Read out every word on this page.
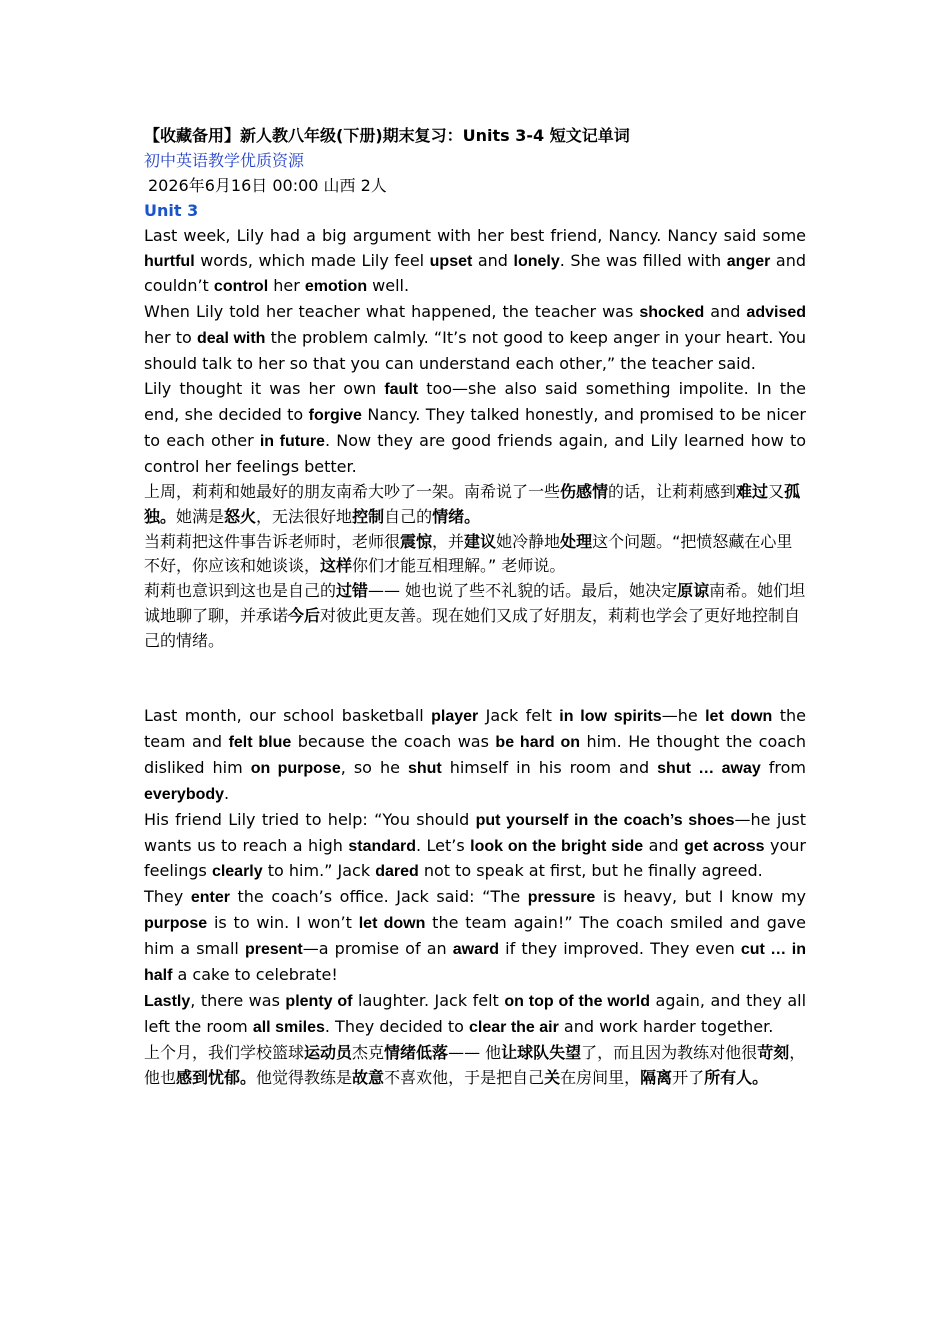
【收藏备用】新人教八年级(下册)期末复习：Units 3-4 短文记单词

初中英语教学优质资源

2026年6月16日 00:00 山西 2人

Unit 3

Last week, Lily had a big argument with her best friend, Nancy. Nancy said some hurtful words, which made Lily feel upset and lonely. She was filled with anger and couldn’t control her emotion well.

When Lily told her teacher what happened, the teacher was shocked and advised her to deal with the problem calmly. “It’s not good to keep anger in your heart. You should talk to her so that you can understand each other,” the teacher said.

Lily thought it was her own fault too—she also said something impolite. In the end, she decided to forgive Nancy. They talked honestly, and promised to be nicer to each other in future. Now they are good friends again, and Lily learned how to control her feelings better.

上周，莉莉和她最好的朋友南希大吵了一架。南希说了一些伤感情的话，让莉莉感到难过又孤独。她满是怒火，无法很好地控制自己的情绪。

当莉莉把这件事告诉老师时，老师很震惊，并建议她冷静地处理这个问题。“把愤怒藏在心里不好，你应该和她谈谈，这样你们才能互相理解。” 老师说。

莉莉也意识到这也是自己的过错—— 她也说了些不礼貌的话。最后，她决定原谅南希。她们坦诚地聊了聊，并承诺今后对彼此更友善。现在她们又成了好朋友，莉莉也学会了更好地控制自己的情绪。

Last month, our school basketball player Jack felt in low spirits—he let down the team and felt blue because the coach was be hard on him. He thought the coach disliked him on purpose, so he shut himself in his room and shut … away from everybody.

His friend Lily tried to help: “You should put yourself in the coach’s shoes—he just wants us to reach a high standard. Let’s look on the bright side and get across your feelings clearly to him.” Jack dared not to speak at first, but he finally agreed.

They enter the coach’s office. Jack said: “The pressure is heavy, but I know my purpose is to win. I won’t let down the team again!” The coach smiled and gave him a small present—a promise of an award if they improved. They even cut … in half a cake to celebrate!

Lastly, there was plenty of laughter. Jack felt on top of the world again, and they all left the room all smiles. They decided to clear the air and work harder together.

上个月，我们学校篮球运动员杰克情绪低落—— 他让球队失望了，而且因为教练对他很苛刻，他也感到忧郁。他觉得教练是故意不喜欢他，于是把自己关在房间里，隔离开了所有人。
